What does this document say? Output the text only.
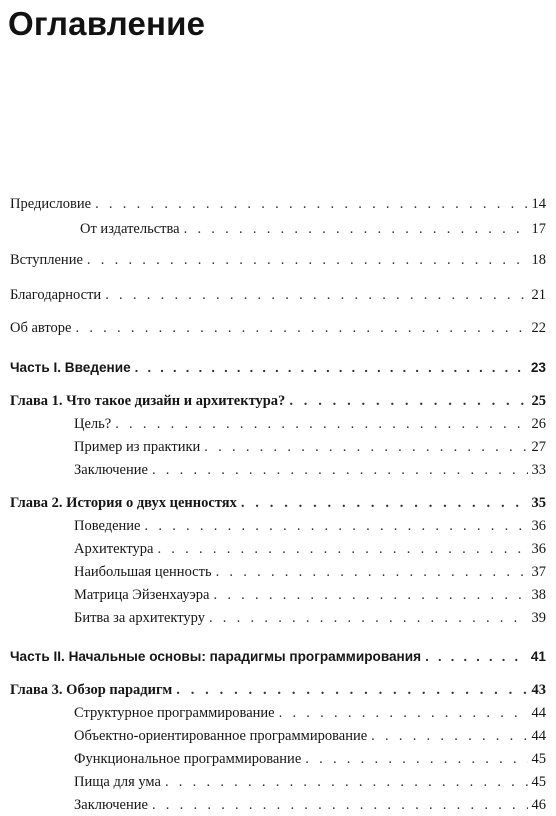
Оглавление
Предисловие . . .	14
От издательства . . .	17
Вступление . . .	18
Благодарности . . .	21
Об авторе . . .	22
Часть I. Введение . . .	23
Глава 1. Что такое дизайн и архитектура? . . .	25
Цель? . . .	26
Пример из практики . . .	27
Заключение . . .	33
Глава 2. История о двух ценностях . . .	35
Поведение . . .	36
Архитектура . . .	36
Наибольшая ценность . . .	37
Матрица Эйзенхауэра . . .	38
Битва за архитектуру . . .	39
Часть II. Начальные основы: парадигмы программирования . . .	41
Глава 3. Обзор парадигм . . .	43
Структурное программирование . . .	44
Объектно-ориентированное программирование . . .	44
Функциональное программирование . . .	45
Пища для ума . . .	45
Заключение . . .	46
